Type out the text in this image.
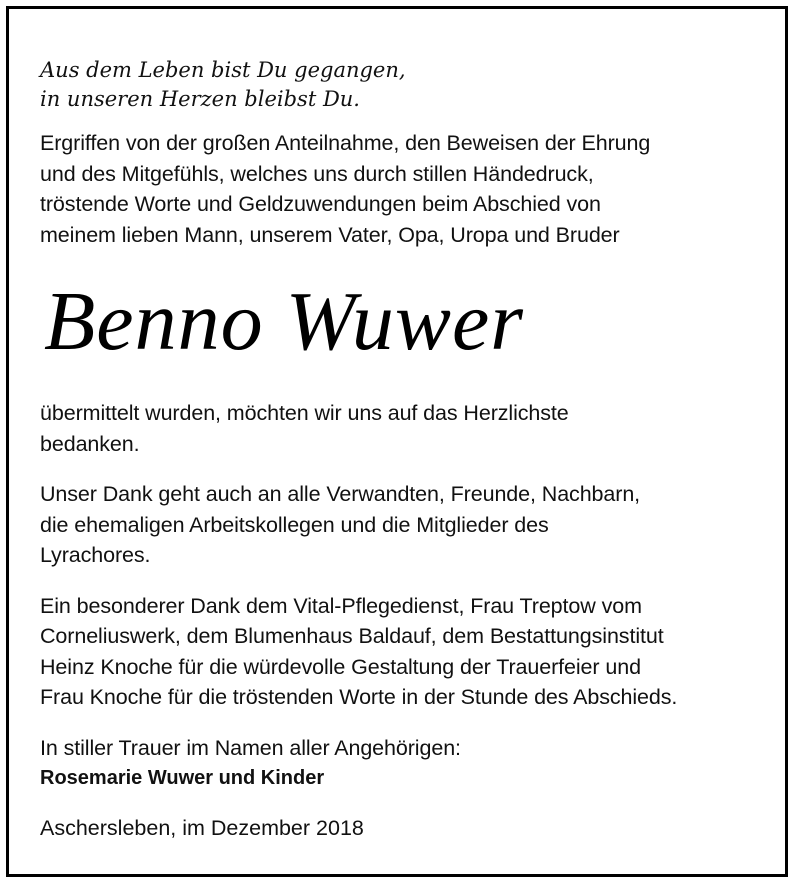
Aus dem Leben bist Du gegangen,
in unseren Herzen bleibst Du.
Ergriffen von der großen Anteilnahme, den Beweisen der Ehrung
und des Mitgefühls, welches uns durch stillen Händedruck,
tröstende Worte und Geldzuwendungen beim Abschied von
meinem lieben Mann, unserem Vater, Opa, Uropa und Bruder
Benno Wuwer
übermittelt wurden, möchten wir uns auf das Herzlichste
bedanken.
Unser Dank geht auch an alle Verwandten, Freunde, Nachbarn,
die ehemaligen Arbeitskollegen und die Mitglieder des
Lyrachores.
Ein besonderer Dank dem Vital-Pflegedienst, Frau Treptow vom
Corneliuswerk, dem Blumenhaus Baldauf, dem Bestattungsinstitut
Heinz Knoche für die würdevolle Gestaltung der Trauerfeier und
Frau Knoche für die tröstenden Worte in der Stunde des Abschieds.
In stiller Trauer im Namen aller Angehörigen:
Rosemarie Wuwer und Kinder
Aschersleben, im Dezember 2018
